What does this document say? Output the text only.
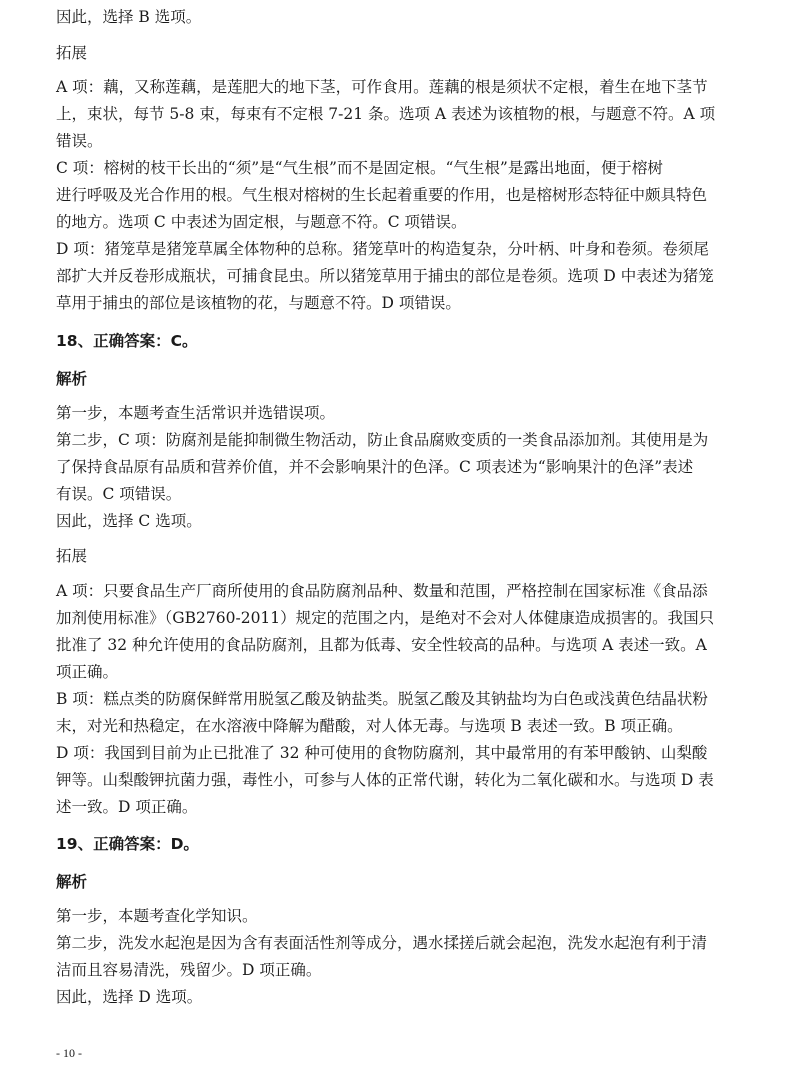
因此，选择 B 选项。
拓展
A 项：藕，又称莲藕，是莲肥大的地下茎，可作食用。莲藕的根是须状不定根，着生在地下茎节
上，束状，每节 5-8 束，每束有不定根 7-21 条。选项 A 表述为该植物的根，与题意不符。A 项
错误。
C 项：榕树的枝干长出的“须”是“气生根”而不是固定根。“气生根”是露出地面，便于榕树
进行呼吸及光合作用的根。气生根对榕树的生长起着重要的作用，也是榕树形态特征中颇具特色
的地方。选项 C 中表述为固定根，与题意不符。C 项错误。
D 项：猪笼草是猪笼草属全体物种的总称。猪笼草叶的构造复杂，分叶柄、叶身和卷须。卷须尾
部扩大并反卷形成瓶状，可捕食昆虫。所以猪笼草用于捕虫的部位是卷须。选项 D 中表述为猪笼
草用于捕虫的部位是该植物的花，与题意不符。D 项错误。
18、正确答案：C。
解析
第一步，本题考查生活常识并选错误项。
第二步，C 项：防腐剂是能抑制微生物活动，防止食品腐败变质的一类食品添加剂。其使用是为
了保持食品原有品质和营养价值，并不会影响果汁的色泽。C 项表述为“影响果汁的色泽”表述
有误。C 项错误。
因此，选择 C 选项。
拓展
A 项：只要食品生产厂商所使用的食品防腐剂品种、数量和范围，严格控制在国家标准《食品添
加剂使用标准》（GB2760-2011）规定的范围之内，是绝对不会对人体健康造成损害的。我国只
批准了 32 种允许使用的食品防腐剂，且都为低毒、安全性较高的品种。与选项 A 表述一致。A
项正确。
B 项：糕点类的防腐保鲜常用脱氢乙酸及钠盐类。脱氢乙酸及其钠盐均为白色或浅黄色结晶状粉
末，对光和热稳定，在水溶液中降解为醋酸，对人体无毒。与选项 B 表述一致。B 项正确。
D 项：我国到目前为止已批准了 32 种可使用的食物防腐剂，其中最常用的有苯甲酸钠、山梨酸
钾等。山梨酸钾抗菌力强，毒性小，可参与人体的正常代谢，转化为二氧化碳和水。与选项 D 表
述一致。D 项正确。
19、正确答案：D。
解析
第一步，本题考查化学知识。
第二步，洗发水起泡是因为含有表面活性剂等成分，遇水揉搓后就会起泡，洗发水起泡有利于清
洁而且容易清洗，残留少。D 项正确。
因此，选择 D 选项。
- 10 -
